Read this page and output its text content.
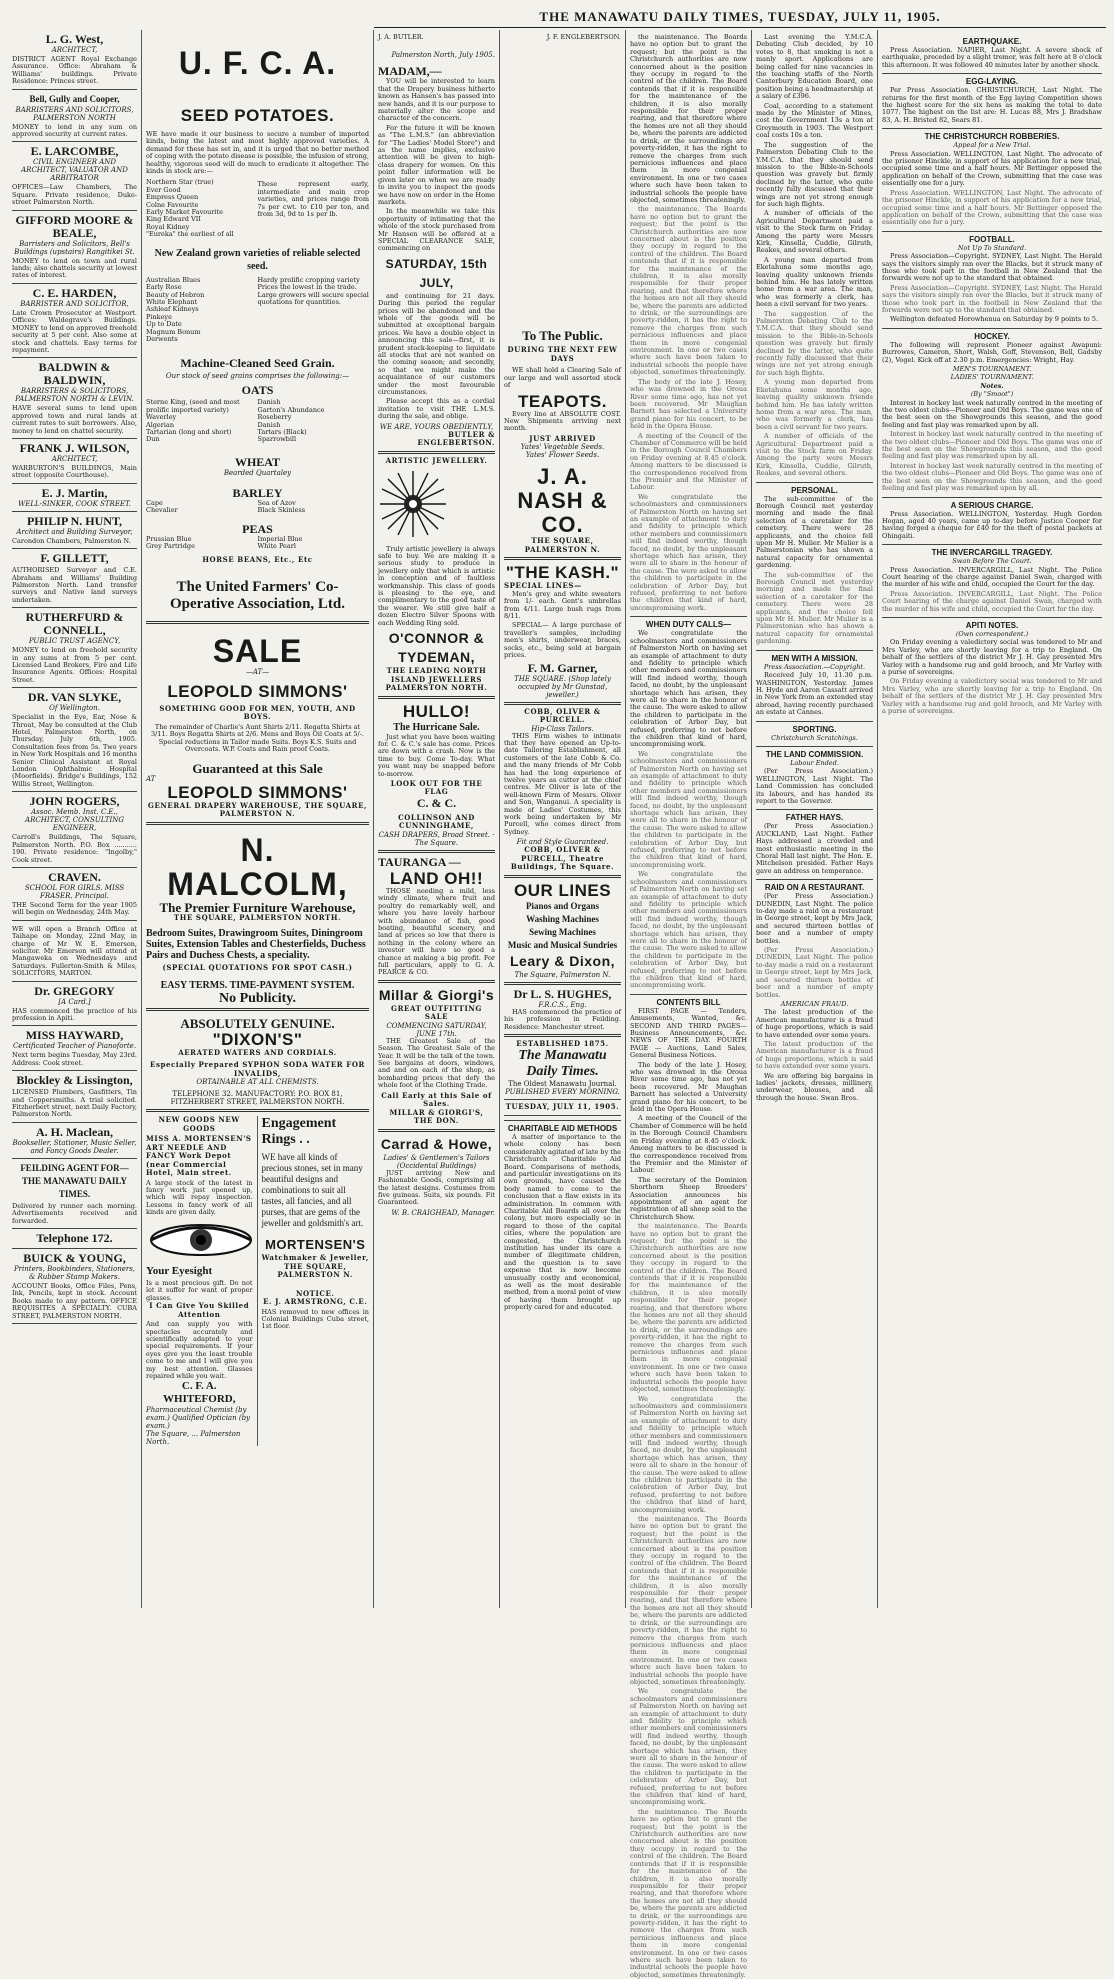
THE MANAWATU DAILY TIMES, TUESDAY, JULY 11, 1905.
L. G. West,
ARCHITECT,
DISTRICT AGENT Royal Exchange Assurance. Office: Abraham & Williams' buildings. Private Residence: Princes street.
Bell, Gully and Cooper,
BARRISTERS AND SOLICITORS, PALMERSTON NORTH
MONEY to lend in any sum on approved security at current rates.
E. LARCOMBE,
CIVIL ENGINEER AND ARCHITECT, VALUATOR AND ARBITRATOR
OFFICES—Law Chambers, The Square. Private residence, Duke-street Palmerston North.
GIFFORD MOORE & BEALE,
Barristers and Solicitors, Bell's Buildings (upstairs) Rangitikei St.
MONEY to lend on town and rural lands; also chattels security at lowest rates of interest.
C. E. HARDEN,
BARRISTER AND SOLICITOR,
Late Crown Prosecutor at Westport. Offices: Waldegrave's Buildings. MONEY to lend on approved freehold security at 5 per cent. Also some at stock and chattels. Easy terms for repayment.
BALDWIN & BALDWIN,
BARRISTERS & SOLICITORS, PALMERSTON NORTH & LEVIN.
HAVE several sums to lend upon approved town and rural lands at current rates to suit borrowers. Also, money to lend on chattel security.
FRANK J. WILSON,
ARCHITECT,
WARBURTON'S BUILDINGS, Main street (opposite Courthouse).
E. J. Martin,
WELL-SINKER, COOK STREET.
PHILIP N. HUNT,
Architect and Building Surveyor,
Carondon Chambers, Palmerston N.
F. GILLETT,
AUTHORISED Surveyor and C.E. Abraham and Williams' Building Palmerston North. Land transfer surveys and Native land surveys undertaken.
RUTHERFURD & CONNELL,
PUBLIC TRUST AGENCY,
MONEY to lend on freehold security in any sums at from 5 per cent. Licensed Land Brokers, Fire and Life Insurance Agents. Offices: Hospital Street.
DR. VAN SLYKE,
Of Wellington.
Specialist in the Eye, Ear, Nose & Throat, May be consulted at the Club Hotel, Palmerston North, on Thursday, July 6th, 1905. Consultation fees from 5s. Two years in New York Hospitals and 16 months Senior Clinical Assistant at Royal London Ophthalmic Hospital (Moorfields). Bridge's Buildings, 152 Willis Street, Wellington.
JOHN ROGERS,
Assoc. Memb. Inst. C.E., ARCHITECT, CONSULTING ENGINEER,
Carroll's Buildings, The Square, Palmerston North. P.O. Box ........... 190. Private residence: "Ingolby," Cook street.
CRAVEN.
SCHOOL FOR GIRLS. MISS FRASER, Principal.
THE Second Term for the year 1905 will begin on Wednesday, 24th May.
WE will open a Branch Office at Taihape on Monday, 22nd May, in charge of Mr W. E. Emerson, solicitor. Mr Emerson will attend at Mangaweka on Wednesdays and Saturdays. Fullerton-Smith & Miles, SOLICITORS, MARTON.
Dr. GREGORY
[A Card.]
HAS commenced the practice of his profession in Apiti.
MISS HAYWARD,
Certificated Teacher of Pianoforte.
Next term begins Tuesday, May 23rd. Address: Cook street.
Blockley & Lissington,
LICENSED Plumbers, Gasfitters, Tin and Coppersmiths. A trial solicited. Fitzherbert street, next Daily Factory, Palmerston North.
A. H. Maclean,
Bookseller, Stationer, Music Seller, and Fancy Goods Dealer.
FEILDING AGENT FOR— THE MANAWATU DAILY TIMES.
Delivered by runner each morning. Advertisements received and forwarded.
Telephone 172.
BUICK & YOUNG,
Printers, Bookbinders, Stationers, & Rubber Stamp Makers.
ACCOUNT Books, Office Files, Pens, Ink, Pencils, kept in stock. Account Books made to any pattern. OFFICE REQUISITES A SPECIALTY. CUBA STREET, PALMERSTON NORTH.
U. F. C. A.
SEED POTATOES.
WE have made it our business to secure a number of imported kinds, being the latest and most highly approved varieties. A demand for these has set in, and it is urged that no better method of coping with the potato disease is possible, the infusion of strong, healthy, vigorous seed will do much to eradicate it altogether. The kinds in stock are:—
Northern Star (true)
Ever Good
Empress Queen
Colne Favourite
Early Market Favourite
King Edward VII
Royal Kidney
"Eureka" the earliest of all
These represent early, intermediate and main crop varieties, and prices range from 7s per cwt. to £10 per ton, and from 3d, 9d to 1s per lb.
New Zealand grown varieties of reliable selected seed.
Australian Blues
Early Rose
Beauty of Hebron
White Elephant
Ashleaf Kidneys
Pinkeye
Up to Date
Magnum Bonum
Derwents
Hardy prolific cropping variety
Prices the lowest in the trade.
Large growers will secure special quotations for quantities.
Machine-Cleaned Seed Grain.
Our stock of seed grains comprises the following:—
OATS
Sterne King, (seed and most prolific imported variety)
Waverley
Algerian
Tartarian (long and short)
Dun
Danish
Garton's Abundance
Roseberry
Danish
Tartars (Black)
Sparrowbill
WHEAT
Bearded Quartaley
BARLEY
Cape
Chevalier
Sea of Azov
Black Skinless
PEAS
Prussian Blue
Grey Partridge
Imperial Blue
White Pearl
HORSE BEANS, Etc., Etc
The United Farmers' Co-Operative Association, Ltd.
SALE
—AT—
LEOPOLD SIMMONS'
SOMETHING GOOD FOR MEN, YOUTH, AND BOYS.
The remainder of Charlie's Aunt Shirts 2/11. Regatta Shirts at 3/11. Boys Regatta Shirts at 2/6. Mens and Boys Oil Coats at 5/-. Special reductions in Tailor made Suits. Boys K.S. Suits and Overcoats. W.P. Coats and Rain proof Coats.
Guaranteed at this Sale
AT
LEOPOLD SIMMONS'
GENERAL DRAPERY WAREHOUSE, THE SQUARE, PALMERSTON N.
N. MALCOLM,
The Premier Furniture Warehouse,
THE SQUARE, PALMERSTON NORTH.
Bedroom Suites, Drawingroom Suites, Diningroom Suites, Extension Tables and Chesterfields, Duchess Pairs and Duchess Chests, a speciality.
(SPECIAL QUOTATIONS FOR SPOT CASH.)
EASY TERMS. TIME-PAYMENT SYSTEM.
No Publicity.
ABSOLUTELY GENUINE.
"DIXON'S"
AERATED WATERS AND CORDIALS.
Especially Prepared SYPHON SODA WATER FOR INVALIDS,
OBTAINABLE AT ALL CHEMISTS.
TELEPHONE 32. MANUFACTORY: P.O. BOX 81,
FITZHERBERT STREET, PALMERSTON NORTH.
NEW GOODS NEW GOODS
MISS A. MORTENSEN'S ART NEEDLE AND FANCY Work Depot (near Commercial Hotel, Main street.
A large stock of the latest in fancy work just opened up, which will repay inspection. Lessons in fancy work of all kinds are given daily.
Your Eyesight
Is a most precious gift. Do not let it suffer for want of proper glasses.
I Can Give You Skilled Attention
And can supply you with spectacles accurately and scientifically adapted to your special requirements. If your eyes give you the least trouble come to me and I will give you my best attention. Glasses repaired while you wait.
C. F. A. WHITEFORD,
Pharmaceutical Chemist (by exam.) Qualified Optician (by exam.)
The Square, ... Palmerston North.
Engagement Rings . .
WE have all kinds of precious stones, set in many beautiful designs and combinations to suit all tastes, all fancies, and all purses, that are gems of the jeweller and goldsmith's art.
MORTENSEN'S
Watchmaker & Jeweller, THE SQUARE, PALMERSTON N.
NOTICE.
E. J. ARMSTRONG, C.E.
HAS removed to new offices in Colonial Buildings Cuba street, 1st floor.
J. A. BUTLER.
Palmerston North, July 1905.
MADAM,—
YOU will be interested to learn that the Drapery business hitherto known as Hansen's has passed into new hands, and it is our purpose to materially alter the scope and character of the concern.
For the future it will be known as "The L.M.S." (an abbreviation for "The Ladies' Model Store") and as the name implies, exclusive attention will be given to high-class drapery for women. On this point fuller information will be given later on when we are ready to invite you to inspect the goods we have now on order in the Home markets.
In the meanwhile we take this opportunity of intimating that the whole of the stock purchased from Mr Hansen will be offered at a SPECIAL CLEARANCE SALE, commencing on
SATURDAY, 15th JULY,
and continuing for 21 days. During this period the regular prices will be abandoned and the whole of the goods will be submitted at exceptional bargain prices. We have a double object in announcing this sale—first, it is prudent stock-keeping to liquidate all stocks that are not wanted on the coming season; and secondly, so that we might make the acquaintance of our customers under the most favourable circumstances.
Please accept this as a cordial invitation to visit THE L.M.S. during the sale, and oblige.
WE ARE, YOURS OBEDIENTLY,
BUTLER & ENGLEBERTSON.
ARTISTIC JEWELLERY.
Truly artistic jewellery is always safe to buy. We are making it a serious study to produce in jewellery only that which is artistic in conception and of faultless workmanship. This class of goods is pleasing to the eye, and complimentary to the good taste of the wearer. We still give half a dozen Electro Silver Spoons with each Wedding Ring sold.
O'CONNOR & TYDEMAN,
THE LEADING NORTH ISLAND JEWELLERS PALMERSTON NORTH.
HULLO!
The Hurricane Sale.
Just what you have been waiting for. C. & C.'s sale has come. Prices are down with a crash. Now is the time to buy. Come To-day. What you want may be snapped before to-morrow.
LOOK OUT FOR THE FLAG
C. & C.
COLLINSON AND CUNNINGHAME,
CASH DRAPERS, Broad Street. · The Square.
TAURANGA —
LAND OH!!
THOSE needing a mild, less windy climate, where fruit and poultry do remarkably well, and where you have lovely harbour with abundance of fish, good boating, beautiful scenery, and land at prices so low that there is nothing in the colony where an investor will have so good a chance at making a big profit. For full particulars, apply to G. A. PEARCE & CO.
Millar & Giorgi's
GREAT OUTFITTING SALE
COMMENCING SATURDAY, JUNE 17th.
THE Greatest Sale of the Season. The Greatest Sale of the Year. It will be the talk of the town. See bargains at doors, windows, and and on each of the shop, as bombarding prices that defy the whole foot of the Clothing Trade.
Call Early at this Sale of Sales.
MILLAR & GIORGI'S,
THE DON.
Carrad & Howe,
Ladies' & Gentlemen's Tailors (Occidental Buildings)
JUST arriving New and Fashionable Goods, comprising all the latest designs. Costumes from five guineas. Suits, six pounds. Fit Guaranteed.
W. B. CRAIGHEAD, Manager.
J. F. ENGLEBERTSON.
To The Public.
DURING THE NEXT FEW DAYS
WE shall hold a Clearing Sale of our large and well assorted stock of
TEAPOTS.
Every line at ABSOLUTE COST. New Shipments arriving next month.
JUST ARRIVED
Yates' Vegetable Seeds.
Yates' Flower Seeds.
J. A. NASH & CO.
THE SQUARE, PALMERSTON N.
"THE KASH."
SPECIAL LINES—
Men's grey and white sweaters from 1/- each. Gent's umbrellas from 4/11. Large bush rugs from 8/11.
SPECIAL— A large purchase of traveller's samples, including men's shirts, underwear, braces, socks, etc., being sold at bargain prices.
F. M. Garner,
THE SQUARE. (Shop lately occupied by Mr Gunstad, jeweller.)
COBB, OLIVER & PURCELL.
Hip-Class Tailors.
THIS Firm wishes to intimate that they have opened an Up-to-date Tailoring Establishment, all customers of the late Cobb & Co. and the many friends of Mr Cobb has had the long experience of twelve years as cutter at the chief centres. Mr Oliver is late of the well-known Firm of Messrs. Oliver and Son, Wanganui. A speciality is made of Ladies' Costumes, this work being undertaken by Mr Purcell, who comes direct from Sydney.
Fit and Style Guaranteed.
COBB, OLIVER & PURCELL, Theatre Buildings, The Square.
OUR LINES
Pianos and Organs
Washing Machines
Sewing Machines
Music and Musical Sundries
Leary & Dixon,
The Square, Palmerston N.
Dr L. S. HUGHES,
F.R.C.S., Eng.
HAS commenced the practice of his profession in Feilding. Residence: Manchester street.
ESTABLISHED 1875.
The Manawatu Daily Times.
The Oldest Manawatu Journal.
PUBLISHED EVERY MORNING.
TUESDAY, JULY 11, 1905.
CHARITABLE AID METHODS
A matter of importance to the whole colony has been considerably agitated of late by the Christchurch Charitable Aid Board. Comparisons of methods, and particular investigations on its own grounds, have caused the body named to come to the conclusion that a flaw exists in its administration. In common with Charitable Aid Boards all over the colony, but more especially so in regard to those of the capital cities, where the population are congested, the Christchurch institution has under its care a number of illegitimate children, and the question is to save expense that is now become unusually costly and economical, as well as the most desirable method, from a moral point of view of having them brought up properly cared for and educated.
the maintenance. The Boards have no option but to grant the request; but the point is the Christchurch authorities are now concerned about is the position they occupy in regard to the control of the children. The Board contends that if it is responsible for the maintenance of the children, it is also morally responsible for their proper rearing, and that therefore where the homes are not all they should be, where the parents are addicted to drink, or the surroundings are poverty-ridden, it has the right to remove the charges from such pernicious influences and place them in more congenial environment. In one or two cases where such have been taken to industrial schools the people have objected, sometimes threateningly.
the maintenance. The Boards have no option but to grant the request; but the point is the Christchurch authorities are now concerned about is the position they occupy in regard to the control of the children. The Board contends that if it is responsible for the maintenance of the children, it is also morally responsible for their proper rearing, and that therefore where the homes are not all they should be, where the parents are addicted to drink, or the surroundings are poverty-ridden, it has the right to remove the charges from such pernicious influences and place them in more congenial environment. In one or two cases where such have been taken to industrial schools the people have objected, sometimes threateningly.
The body of the late J. Hosey, who was drowned in the Oroua River some time ago, has not yet been recovered. Mr Maughan Barnett has selected a University grand piano for his concert, to be held in the Opera House.
A meeting of the Council of the Chamber of Commerce will be held in the Borough Council Chambers on Friday evening at 8.45 o'clock. Among matters to be discussed is the correspondence received from the Premier and the Minister of Labour.
We congratulate the schoolmasters and commissioners of Palmerston North on having set an example of attachment to duty and fidelity to principle which other members and commissioners will find indeed worthy, though faced, no doubt, by the unpleasant shortage which has arisen, they were all to share in the honour of the cause. The were asked to allow the children to participate in the celebration of Arbor Day, but refused, preferring to not before the children that kind of hard, uncompromising work.
WHEN DUTY CALLS—
We congratulate the schoolmasters and commissioners of Palmerston North on having set an example of attachment to duty and fidelity to principle which other members and commissioners will find indeed worthy, though faced, no doubt, by the unpleasant shortage which has arisen, they were all to share in the honour of the cause. The were asked to allow the children to participate in the celebration of Arbor Day, but refused, preferring to not before the children that kind of hard, uncompromising work.
We congratulate the schoolmasters and commissioners of Palmerston North on having set an example of attachment to duty and fidelity to principle which other members and commissioners will find indeed worthy, though faced, no doubt, by the unpleasant shortage which has arisen, they were all to share in the honour of the cause. The were asked to allow the children to participate in the celebration of Arbor Day, but refused, preferring to not before the children that kind of hard, uncompromising work.
We congratulate the schoolmasters and commissioners of Palmerston North on having set an example of attachment to duty and fidelity to principle which other members and commissioners will find indeed worthy, though faced, no doubt, by the unpleasant shortage which has arisen, they were all to share in the honour of the cause. The were asked to allow the children to participate in the celebration of Arbor Day, but refused, preferring to not before the children that kind of hard, uncompromising work.
CONTENTS BILL
FIRST PAGE — Tenders, Amusements, Wanted, &c. SECOND AND THIRD PAGES—Business Announcements, &c. NEWS OF THE DAY. FOURTH PAGE — Auctions, Land Sales, General Business Notices.
The body of the late J. Hosey, who was drowned in the Oroua River some time ago, has not yet been recovered. Mr Maughan Barnett has selected a University grand piano for his concert, to be held in the Opera House.
A meeting of the Council of the Chamber of Commerce will be held in the Borough Council Chambers on Friday evening at 8.45 o'clock. Among matters to be discussed is the correspondence received from the Premier and the Minister of Labour.
The secretary of the Dominion Shorthorn Sheep Breeders' Association announces his appointment of an agent for registration of all sheep sold to the Christchurch Show.
the maintenance. The Boards have no option but to grant the request; but the point is the Christchurch authorities are now concerned about is the position they occupy in regard to the control of the children. The Board contends that if it is responsible for the maintenance of the children, it is also morally responsible for their proper rearing, and that therefore where the homes are not all they should be, where the parents are addicted to drink, or the surroundings are poverty-ridden, it has the right to remove the charges from such pernicious influences and place them in more congenial environment. In one or two cases where such have been taken to industrial schools the people have objected, sometimes threateningly.
We congratulate the schoolmasters and commissioners of Palmerston North on having set an example of attachment to duty and fidelity to principle which other members and commissioners will find indeed worthy, though faced, no doubt, by the unpleasant shortage which has arisen, they were all to share in the honour of the cause. The were asked to allow the children to participate in the celebration of Arbor Day, but refused, preferring to not before the children that kind of hard, uncompromising work.
the maintenance. The Boards have no option but to grant the request; but the point is the Christchurch authorities are now concerned about is the position they occupy in regard to the control of the children. The Board contends that if it is responsible for the maintenance of the children, it is also morally responsible for their proper rearing, and that therefore where the homes are not all they should be, where the parents are addicted to drink, or the surroundings are poverty-ridden, it has the right to remove the charges from such pernicious influences and place them in more congenial environment. In one or two cases where such have been taken to industrial schools the people have objected, sometimes threateningly.
We congratulate the schoolmasters and commissioners of Palmerston North on having set an example of attachment to duty and fidelity to principle which other members and commissioners will find indeed worthy, though faced, no doubt, by the unpleasant shortage which has arisen, they were all to share in the honour of the cause. The were asked to allow the children to participate in the celebration of Arbor Day, but refused, preferring to not before the children that kind of hard, uncompromising work.
the maintenance. The Boards have no option but to grant the request; but the point is the Christchurch authorities are now concerned about is the position they occupy in regard to the control of the children. The Board contends that if it is responsible for the maintenance of the children, it is also morally responsible for their proper rearing, and that therefore where the homes are not all they should be, where the parents are addicted to drink, or the surroundings are poverty-ridden, it has the right to remove the charges from such pernicious influences and place them in more congenial environment. In one or two cases where such have been taken to industrial schools the people have objected, sometimes threateningly.
Last evening the Y.M.C.A. Debating Club decided, by 10 votes to 8, that smoking is not a manly sport. Applications are being called for nine vacancies in the teaching staffs of the North Canterbury Education Board, one position being a headmastership at a salary of £396.
Coal, according to a statement made by the Minister of Mines, cost the Government 13s a ton at Greymouth in 1903. The Westport coal costs 10s a ton.
The suggestion of the Palmerston Debating Club to the Y.M.C.A. that they should send mission to the Bible-in-Schools question was gravely but firmly declined by the latter, who quite recently fully discussed that their wings are not yet strong enough for such high flights.
A number of officials of the Agricultural Department paid a visit to the Stock farm on Friday. Among the party were Messrs Kirk, Kinsella, Cuddie, Gilruth, Reakes, and several others.
A young man departed from Eketahuna some months ago, leaving quality unknown friends behind him. He has lately written home from a war area. The man, who was formerly a clerk, has been a civil servant for two years.
The suggestion of the Palmerston Debating Club to the Y.M.C.A. that they should send mission to the Bible-in-Schools question was gravely but firmly declined by the latter, who quite recently fully discussed that their wings are not yet strong enough for such high flights.
A young man departed from Eketahuna some months ago, leaving quality unknown friends behind him. He has lately written home from a war area. The man, who was formerly a clerk, has been a civil servant for two years.
A number of officials of the Agricultural Department paid a visit to the Stock farm on Friday. Among the party were Messrs Kirk, Kinsella, Cuddie, Gilruth, Reakes, and several others.
PERSONAL.
The sub-committee of the Borough Council met yesterday morning and made the final selection of a caretaker for the cemetery. There were 28 applicants, and the choice fell upon Mr H. Mulier. Mr Mulier is a Palmerstonian who has shown a natural capacity for ornamental gardening.
The sub-committee of the Borough Council met yesterday morning and made the final selection of a caretaker for the cemetery. There were 28 applicants, and the choice fell upon Mr H. Mulier. Mr Mulier is a Palmerstonian who has shown a natural capacity for ornamental gardening.
MEN WITH A MISSION.
Press Association.—Copyright.
Received July 10, 11.30 p.m. WASHINGTON, Yesterday. James H. Hyde and Aaron Cassatt arrived in New York from an extended stay abroad, having recently purchased an estate at Cannes.
SPORTING.
Christchurch Scratchings.
THE LAND COMMISSION.
Labour Ended.
(Per Press Association.) WELLINGTON, Last Night. The Land Commission has concluded its labours, and has handed its report to the Governor.
FATHER HAYS.
(Per Press Association.) AUCKLAND, Last Night. Father Hays addressed a crowded and most enthusiastic meeting in the Choral Hall last night. The Hon. E. Mitchelson presided. Father Hays gave an address on temperance.
RAID ON A RESTAURANT.
(Per Press Association.) DUNEDIN, Last Night. The police to-day made a raid on a restaurant in George street, kept by Mrs Jack, and secured thirteen bottles of beer and a number of empty bottles.
(Per Press Association.) DUNEDIN, Last Night. The police to-day made a raid on a restaurant in George street, kept by Mrs Jack, and secured thirteen bottles of beer and a number of empty bottles.
AMERICAN FRAUD.
The latest production of the American manufacturer is a fraud of huge proportions, which is said to have extended over some years.
The latest production of the American manufacturer is a fraud of huge proportions, which is said to have extended over some years.
We are offering big bargains in ladies' jackets, dresses, millinery, underwear, blouses, and all through the house. Swan Bros.
EARTHQUAKE.
Press Association. NAPIER, Last Night. A severe shock of earthquake, preceded by a slight tremor, was felt here at 8 o'clock this afternoon. It was followed 40 minutes later by another shock.
EGG-LAYING.
Per Press Association. CHRISTCHURCH, Last Night. The returns for the first month of the Egg laying Competition shows the highest score for the six hens as making the total to date 1077. The highest on the list are: H. Lucas 88, Mrs J. Bradshaw 83, A. H. Bristed 82, Sears 81.
THE CHRISTCHURCH ROBBERIES.
Appeal for a New Trial.
Press Association. WELLINGTON, Last Night. The advocate of the prisoner Hinckle, in support of his application for a new trial, occupied some time and a half hours. Mr Bettinger opposed the application on behalf of the Crown, submitting that the case was essentially one for a jury.
Press Association. WELLINGTON, Last Night. The advocate of the prisoner Hinckle, in support of his application for a new trial, occupied some time and a half hours. Mr Bettinger opposed the application on behalf of the Crown, submitting that the case was essentially one for a jury.
FOOTBALL.
Not Up To Standard.
Press Association—Copyright. SYDNEY, Last Night. The Herald says the visitors simply ran over the Blacks, but it struck many of those who took part in the football in New Zealand that the forwards were not up to the standard that obtained.
Press Association—Copyright. SYDNEY, Last Night. The Herald says the visitors simply ran over the Blacks, but it struck many of those who took part in the football in New Zealand that the forwards were not up to the standard that obtained.
Wellington defeated Horowhenua on Saturday by 9 points to 5.
HOCKEY.
The following will represent Pioneer against Awapuni: Burrowes, Cameron, Short, Walsh, Goff, Stevenson, Bell, Gadsby (2), Vogel. Kick off at 2.30 p.m. Emergencies: Wright, Hay.
MEN'S TOURNAMENT.
LADIES' TOURNAMENT.
Notes.
(By "Smoot")
Interest in hockey last week naturally centred in the meeting of the two oldest clubs—Pioneer and Old Boys. The game was one of the best seen on the Showgrounds this season, and the good feeling and fast play was remarked upon by all.
Interest in hockey last week naturally centred in the meeting of the two oldest clubs—Pioneer and Old Boys. The game was one of the best seen on the Showgrounds this season, and the good feeling and fast play was remarked upon by all.
Interest in hockey last week naturally centred in the meeting of the two oldest clubs—Pioneer and Old Boys. The game was one of the best seen on the Showgrounds this season, and the good feeling and fast play was remarked upon by all.
A SERIOUS CHARGE.
Press Association. WELLINGTON, Yesterday. Hugh Gordon Hogan, aged 40 years, came up to-day before Justice Cooper for having forged a cheque for £40 for the theft of postal packets at Ohingaiti.
THE INVERCARGILL TRAGEDY.
Swan Before The Court.
Press Association. INVERCARGILL, Last Night. The Police Court hearing of the charge against Daniel Swan, charged with the murder of his wife and child, occupied the Court for the day.
Press Association. INVERCARGILL, Last Night. The Police Court hearing of the charge against Daniel Swan, charged with the murder of his wife and child, occupied the Court for the day.
APITI NOTES.
(Own correspondent.)
On Friday evening a valedictory social was tendered to Mr and Mrs Varley, who are shortly leaving for a trip to England. On behalf of the settlers of the district Mr J. H. Gay presented Mrs Varley with a handsome rug and gold brooch, and Mr Varley with a purse of sovereigns.
On Friday evening a valedictory social was tendered to Mr and Mrs Varley, who are shortly leaving for a trip to England. On behalf of the settlers of the district Mr J. H. Gay presented Mrs Varley with a handsome rug and gold brooch, and Mr Varley with a purse of sovereigns.
